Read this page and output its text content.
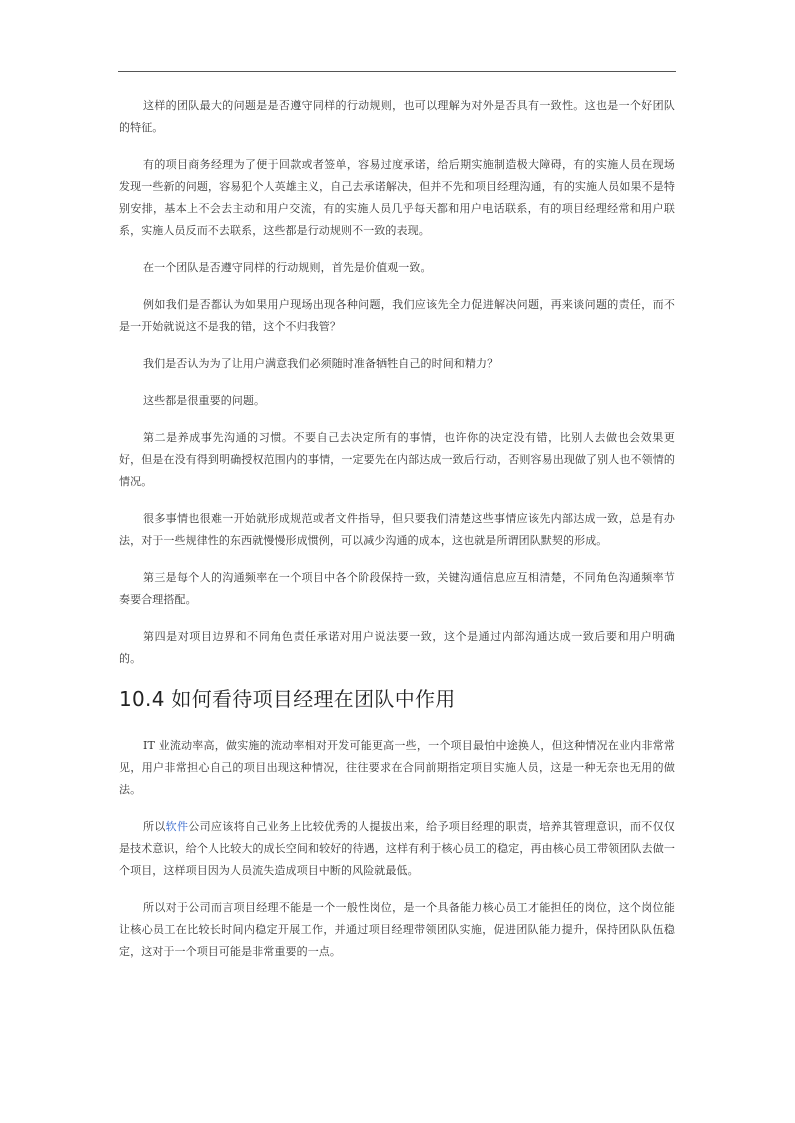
这样的团队最大的问题是是否遵守同样的行动规则，也可以理解为对外是否具有一致性。这也是一个好团队的特征。

有的项目商务经理为了便于回款或者签单，容易过度承诺，给后期实施制造极大障碍，有的实施人员在现场发现一些新的问题，容易犯个人英雄主义，自己去承诺解决，但并不先和项目经理沟通，有的实施人员如果不是特别安排，基本上不会去主动和用户交流，有的实施人员几乎每天都和用户电话联系，有的项目经理经常和用户联系，实施人员反而不去联系，这些都是行动规则不一致的表现。

在一个团队是否遵守同样的行动规则，首先是价值观一致。

例如我们是否都认为如果用户现场出现各种问题，我们应该先全力促进解决问题，再来谈问题的责任，而不是一开始就说这不是我的错，这个不归我管？

我们是否认为为了让用户满意我们必须随时准备牺牲自己的时间和精力？

这些都是很重要的问题。

第二是养成事先沟通的习惯。不要自己去决定所有的事情，也许你的决定没有错，比别人去做也会效果更好，但是在没有得到明确授权范围内的事情，一定要先在内部达成一致后行动，否则容易出现做了别人也不领情的情况。

很多事情也很难一开始就形成规范或者文件指导，但只要我们清楚这些事情应该先内部达成一致，总是有办法，对于一些规律性的东西就慢慢形成惯例，可以减少沟通的成本，这也就是所谓团队默契的形成。

第三是每个人的沟通频率在一个项目中各个阶段保持一致，关键沟通信息应互相清楚，不同角色沟通频率节奏要合理搭配。

第四是对项目边界和不同角色责任承诺对用户说法要一致，这个是通过内部沟通达成一致后要和用户明确的。

10.4 如何看待项目经理在团队中作用

IT 业流动率高，做实施的流动率相对开发可能更高一些，一个项目最怕中途换人，但这种情况在业内非常常见，用户非常担心自己的项目出现这种情况，往往要求在合同前期指定项目实施人员，这是一种无奈也无用的做法。

所以软件公司应该将自己业务上比较优秀的人提拔出来，给予项目经理的职责，培养其管理意识，而不仅仅是技术意识，给个人比较大的成长空间和较好的待遇，这样有利于核心员工的稳定，再由核心员工带领团队去做一个项目，这样项目因为人员流失造成项目中断的风险就最低。

所以对于公司而言项目经理不能是一个一般性岗位，是一个具备能力核心员工才能担任的岗位，这个岗位能让核心员工在比较长时间内稳定开展工作，并通过项目经理带领团队实施，促进团队能力提升，保持团队队伍稳定，这对于一个项目可能是非常重要的一点。
